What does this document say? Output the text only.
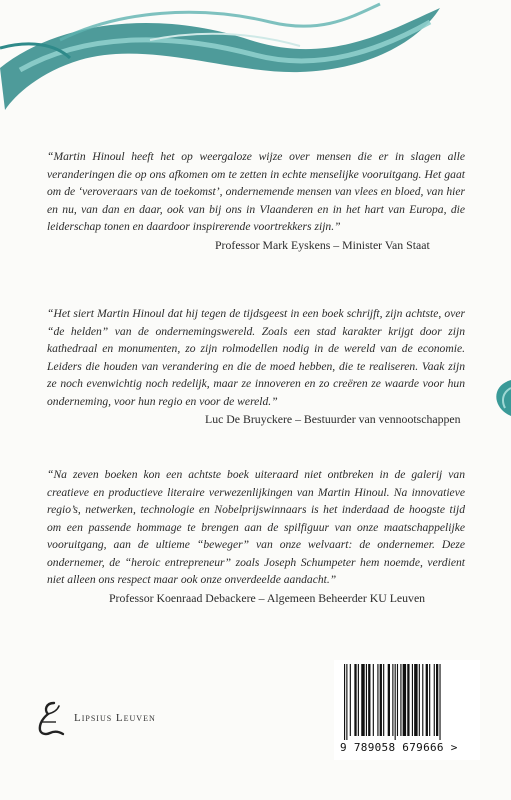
“Martin Hinoul heeft het op weergaloze wijze over mensen die er in slagen alle veranderingen die op ons afkomen om te zetten in echte menselijke vooruitgang. Het gaat om de ‘veroveraars van de toekomst’, ondernemende mensen van vlees en bloed, van hier en nu, van dan en daar, ook van bij ons in Vlaanderen en in het hart van Europa, die leiderschap tonen en daardoor inspirerende voortrekkers zijn.”

Professor Mark Eyskens – Minister Van Staat

“Het siert Martin Hinoul dat hij tegen de tijdsgeest in een boek schrijft, zijn achtste, over “de helden” van de ondernemingswereld. Zoals een stad karakter krijgt door zijn kathedraal en monumenten, zo zijn rolmodellen nodig in de wereld van de economie. Leiders die houden van verandering en die de moed hebben, die te realiseren. Vaak zijn ze noch evenwichtig noch redelijk, maar ze innoveren en zo creëren ze waarde voor hun onderneming, voor hun regio en voor de wereld.”

Luc De Bruyckere – Bestuurder van vennootschappen

“Na zeven boeken kon een achtste boek uiteraard niet ontbreken in de galerij van creatieve en productieve literaire verwezenlijkingen van Martin Hinoul. Na innovatieve regio’s, netwerken, technologie en Nobelprijswinnaars is het inderdaad de hoogste tijd om een passende hommage te brengen aan de spilfiguur van onze maatschappelijke vooruitgang, aan de ultieme “beweger” van onze welvaart: de ondernemer. Deze ondernemer, de “heroic entrepreneur” zoals Joseph Schumpeter hem noemde, verdient niet alleen ons respect maar ook onze onverdeelde aandacht.”

Professor Koenraad Debackere – Algemeen Beheerder KU Leuven

Lipsius Leuven
9 789058 679666 >
